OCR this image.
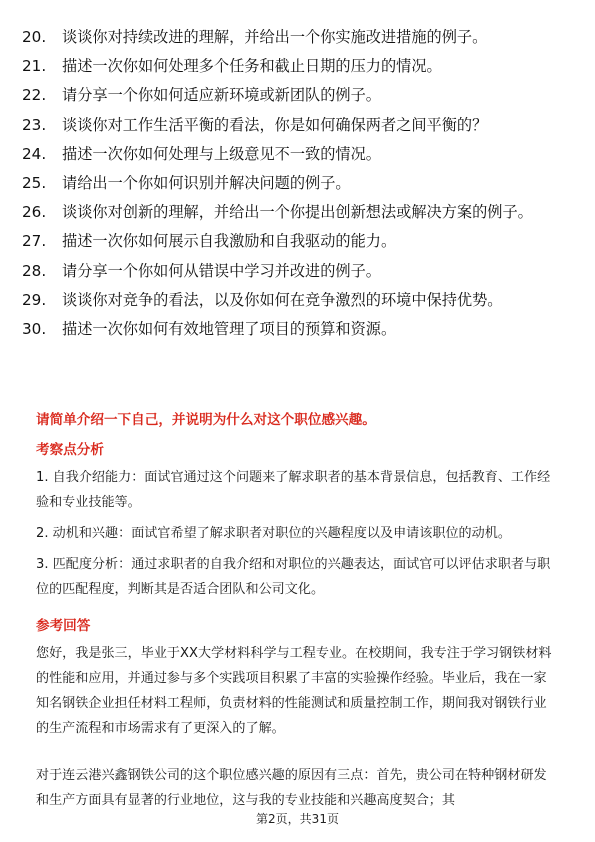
20.	谈谈你对持续改进的理解，并给出一个你实施改进措施的例子。
21.	描述一次你如何处理多个任务和截止日期的压力的情况。
22.	请分享一个你如何适应新环境或新团队的例子。
23.	谈谈你对工作生活平衡的看法，你是如何确保两者之间平衡的？
24.	描述一次你如何处理与上级意见不一致的情况。
25.	请给出一个你如何识别并解决问题的例子。
26.	谈谈你对创新的理解，并给出一个你提出创新想法或解决方案的例子。
27.	描述一次你如何展示自我激励和自我驱动的能力。
28.	请分享一个你如何从错误中学习并改进的例子。
29.	谈谈你对竞争的看法，以及你如何在竞争激烈的环境中保持优势。
30.	描述一次你如何有效地管理了项目的预算和资源。
请简单介绍一下自己，并说明为什么对这个职位感兴趣。
考察点分析
1. 自我介绍能力：面试官通过这个问题来了解求职者的基本背景信息，包括教育、工作经验和专业技能等。
2. 动机和兴趣：面试官希望了解求职者对职位的兴趣程度以及申请该职位的动机。
3. 匹配度分析：通过求职者的自我介绍和对职位的兴趣表达，面试官可以评估求职者与职位的匹配程度，判断其是否适合团队和公司文化。
参考回答
您好，我是张三，毕业于XX大学材料科学与工程专业。在校期间，我专注于学习钢铁材料的性能和应用，并通过参与多个实践项目积累了丰富的实验操作经验。毕业后，我在一家知名钢铁企业担任材料工程师，负责材料的性能测试和质量控制工作，期间我对钢铁行业的生产流程和市场需求有了更深入的了解。
对于连云港兴鑫钢铁公司的这个职位感兴趣的原因有三点：首先，贵公司在特种钢材研发和生产方面具有显著的行业地位，这与我的专业技能和兴趣高度契合；其
第2页，共31页
